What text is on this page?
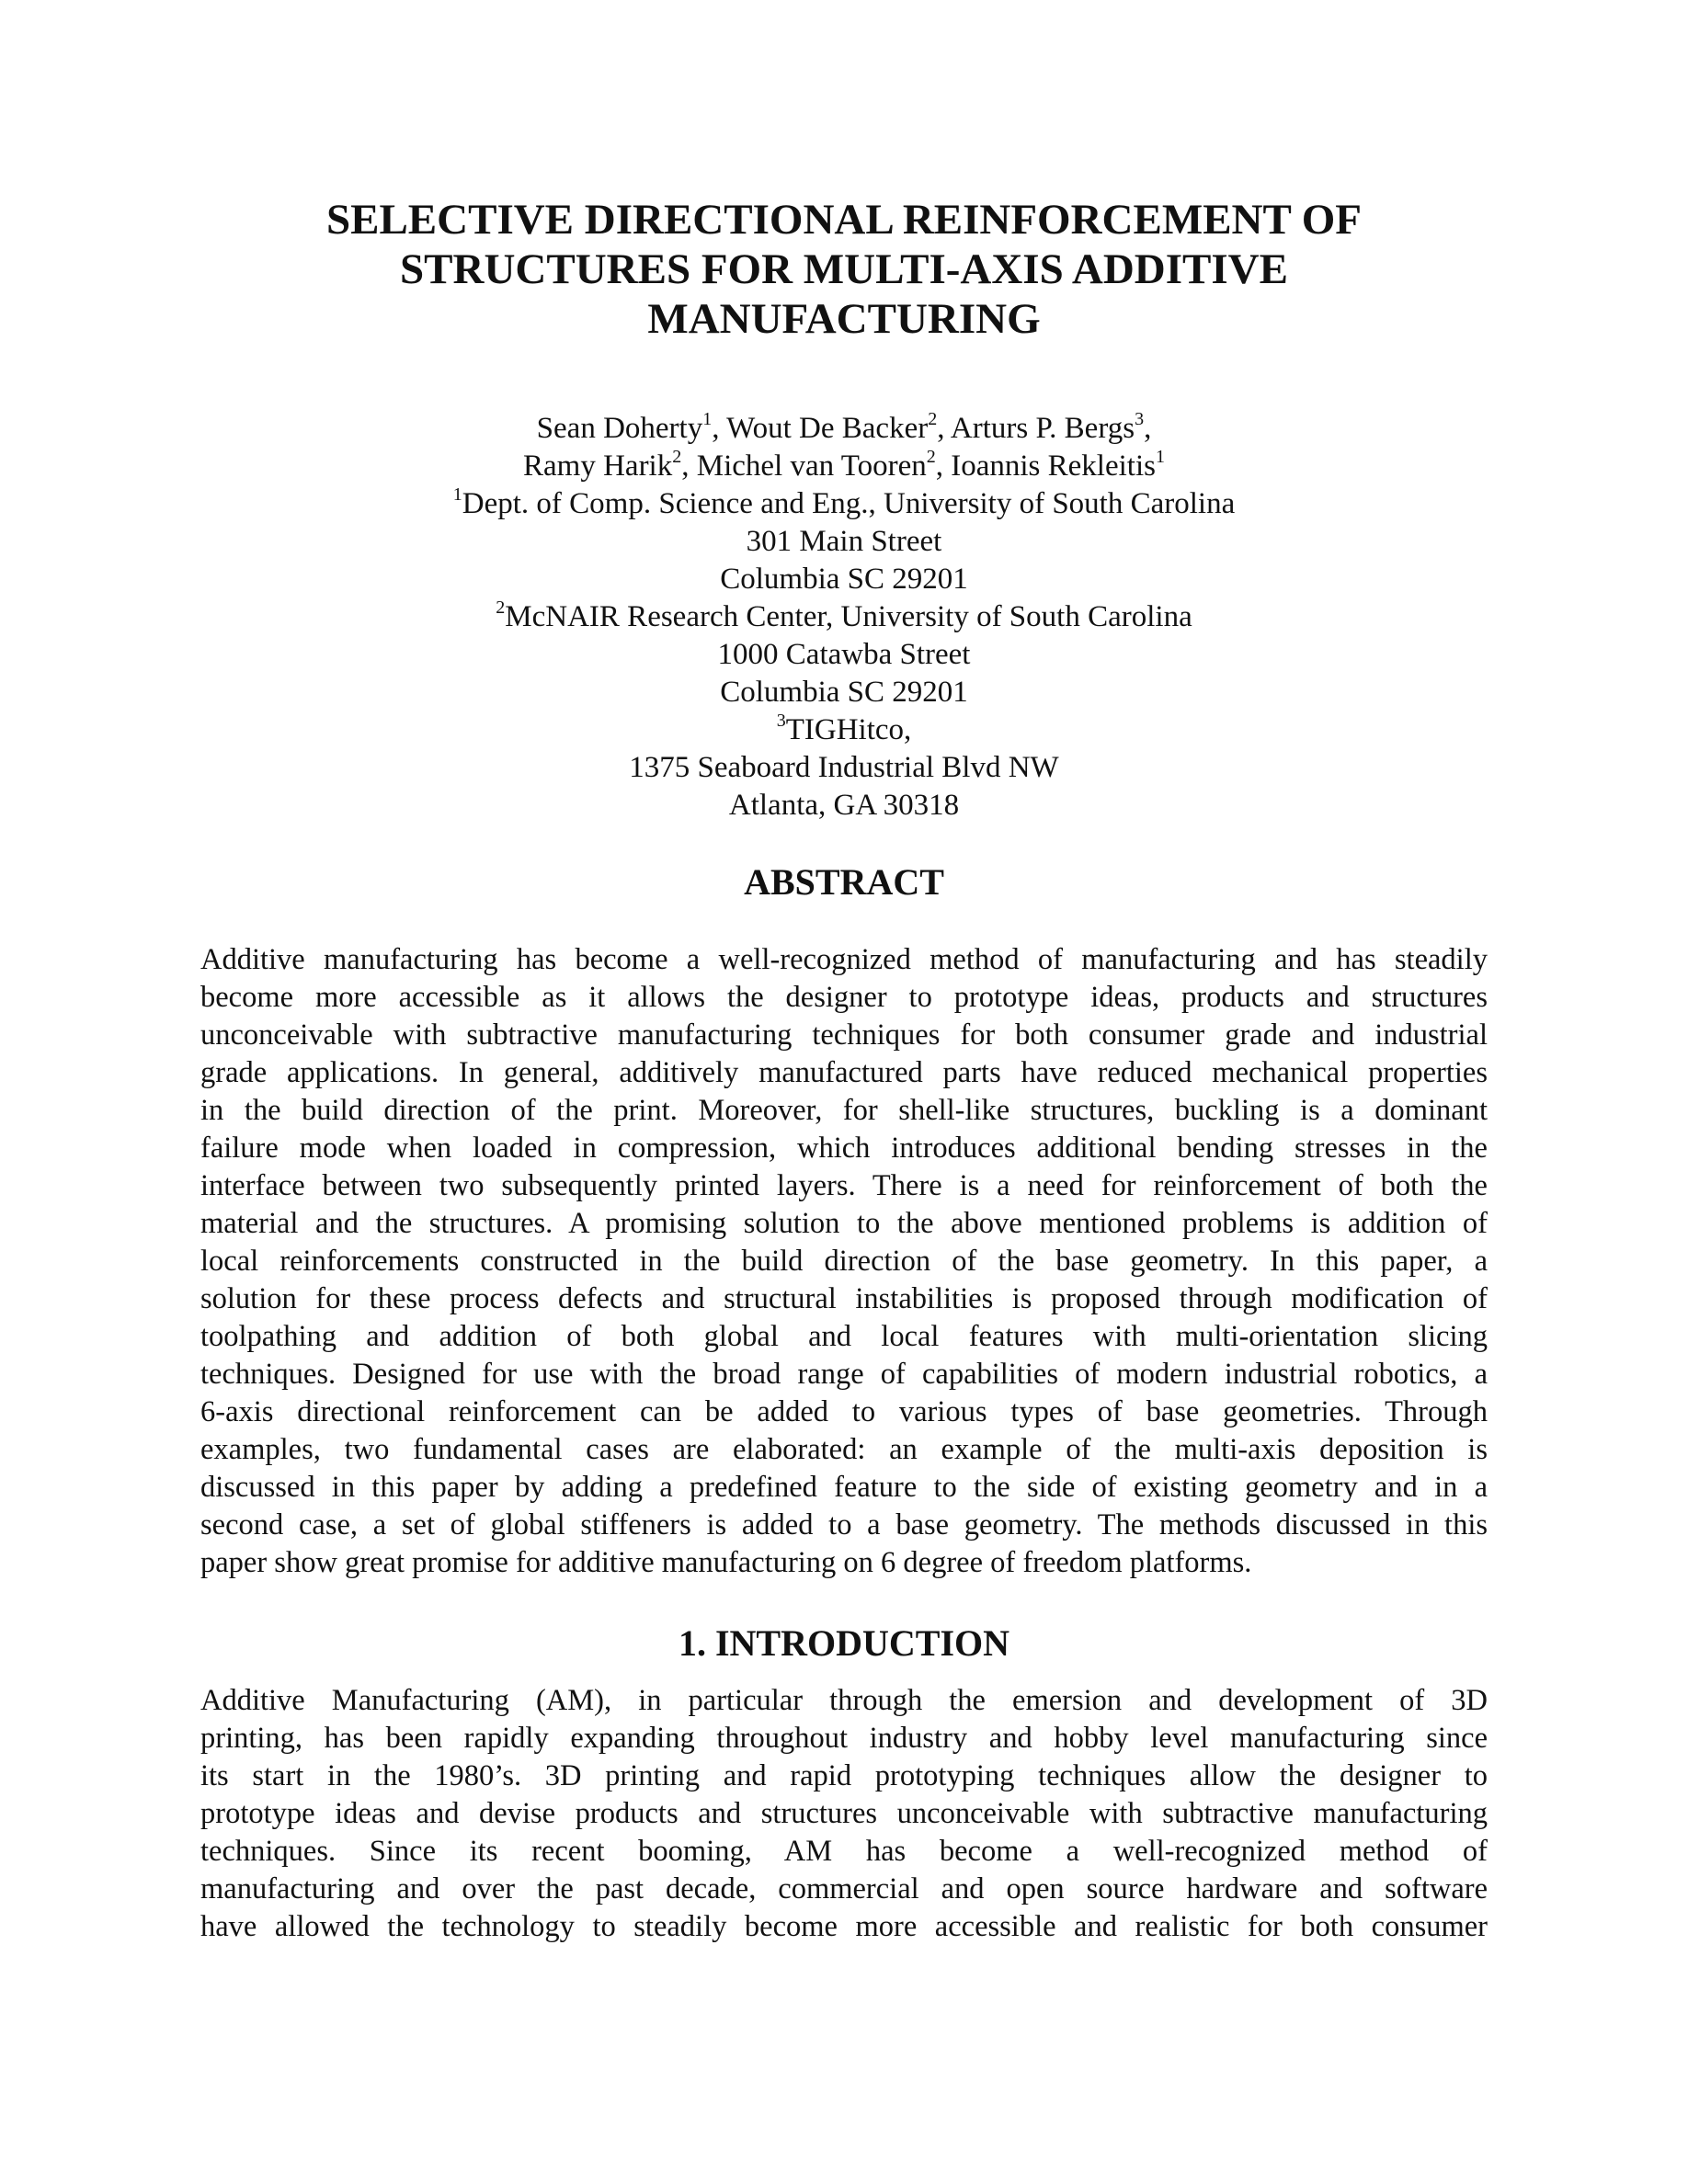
SELECTIVE DIRECTIONAL REINFORCEMENT OF
STRUCTURES FOR MULTI-AXIS ADDITIVE
MANUFACTURING
Sean Doherty$^1$, Wout De Backer$^2$, Arturs P. Bergs$^3$,
Ramy Harik$^2$, Michel van Tooren$^2$, Ioannis Rekleitis$^1$
$^1$Dept. of Comp. Science and Eng., University of South Carolina
301 Main Street
Columbia SC 29201
$^2$McNAIR Research Center, University of South Carolina
1000 Catawba Street
Columbia SC 29201
$^3$TIGHitco,
1375 Seaboard Industrial Blvd NW
Atlanta, GA 30318
ABSTRACT
Additive manufacturing has become a well-recognized method of manufacturing and has steadily
become more accessible as it allows the designer to prototype ideas, products and structures
unconceivable with subtractive manufacturing techniques for both consumer grade and industrial
grade applications. In general, additively manufactured parts have reduced mechanical properties
in the build direction of the print. Moreover, for shell-like structures, buckling is a dominant
failure mode when loaded in compression, which introduces additional bending stresses in the
interface between two subsequently printed layers. There is a need for reinforcement of both the
material and the structures. A promising solution to the above mentioned problems is addition of
local reinforcements constructed in the build direction of the base geometry. In this paper, a
solution for these process defects and structural instabilities is proposed through modification of
toolpathing and addition of both global and local features with multi-orientation slicing
techniques. Designed for use with the broad range of capabilities of modern industrial robotics, a
6-axis directional reinforcement can be added to various types of base geometries. Through
examples, two fundamental cases are elaborated: an example of the multi-axis deposition is
discussed in this paper by adding a predefined feature to the side of existing geometry and in a
second case, a set of global stiffeners is added to a base geometry. The methods discussed in this
paper show great promise for additive manufacturing on 6 degree of freedom platforms.
1. INTRODUCTION
Additive Manufacturing (AM), in particular through the emersion and development of 3D
printing, has been rapidly expanding throughout industry and hobby level manufacturing since
its start in the 1980’s. 3D printing and rapid prototyping techniques allow the designer to
prototype ideas and devise products and structures unconceivable with subtractive manufacturing
techniques. Since its recent booming, AM has become a well-recognized method of
manufacturing and over the past decade, commercial and open source hardware and software
have allowed the technology to steadily become more accessible and realistic for both consumer
